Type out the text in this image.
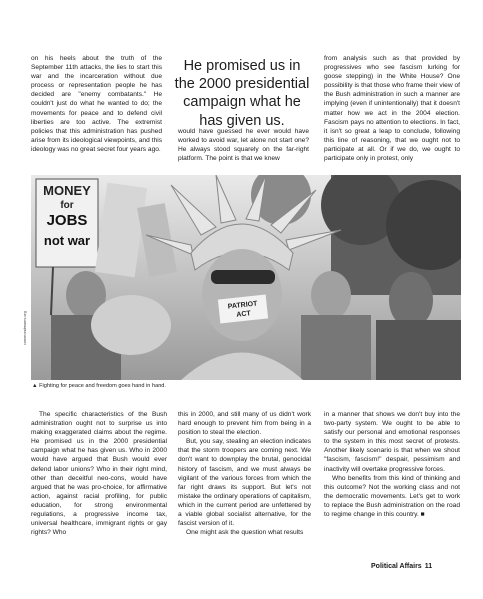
on his heels about the truth of the September 11th attacks, the lies to start this war and the incarceration without due process or representation people he has decided are "enemy combatants." He couldn't just do what he wanted to do; the movements for peace and to defend civil liberties are too active. The extremist policies that this administration has pushed arise from its ideological viewpoints, and this ideology was no great secret four years ago.

He promised us in the 2000 presidential campaign what he has given us.

would have guessed he ever would have worked to avoid war, let alone not start one? He always stood squarely on the far-right platform. The point is that we knew

from analysis such as that provided by progressives who see fascism lurking for goose stepping) in the White House? One possibility is that those who frame their view of the Bush administration in such a manner are implying (even if unintentionally) that it doesn't matter how we act in the 2004 election. Fascism pays no attention to elections. In fact, it isn't so great a leap to conclude, following this line of reasoning, that we ought not to participate at all. Or if we do, we ought to participate only in protest, only

MONEY
for
JOBS
not war
PATRIOT
ACT
commondreams.org
▲ Fighting for peace and freedom goes hand in hand.

The specific characteristics of the Bush administration ought not to surprise us into making exaggerated claims about the regime. He promised us in the 2000 presidential campaign what he has given us. Who in 2000 would have argued that Bush would ever defend labor unions? Who in their right mind, other than deceitful neo-cons, would have argued that he was pro-choice, for affirmative action, against racial profiling, for public education, for strong environmental regulations, a progressive income tax, universal healthcare, immigrant rights or gay rights? Who

this in 2000, and still many of us didn't work hard enough to prevent him from being in a position to steal the election.

But, you say, stealing an election indicates that the storm troopers are coming next. We don't want to downplay the brutal, genocidal history of fascism, and we must always be vigilant of the various forces from which the far right draws its support. But let's not mistake the ordinary operations of capitalism, which in the current period are unfettered by a viable global socialist alternative, for the fascist version of it.

One might ask the question what results

in a manner that shows we don't buy into the two-party system. We ought to be able to satisfy our personal and emotional responses to the system in this most secret of protests. Another likely scenario is that when we shout "fascism, fascism!" despair, pessimism and inactivity will overtake progressive forces.

Who benefits from this kind of thinking and this outcome? Not the working class and not the democratic movements. Let's get to work to replace the Bush administration on the road to regime change in this country. ■

Political Affairs 11
